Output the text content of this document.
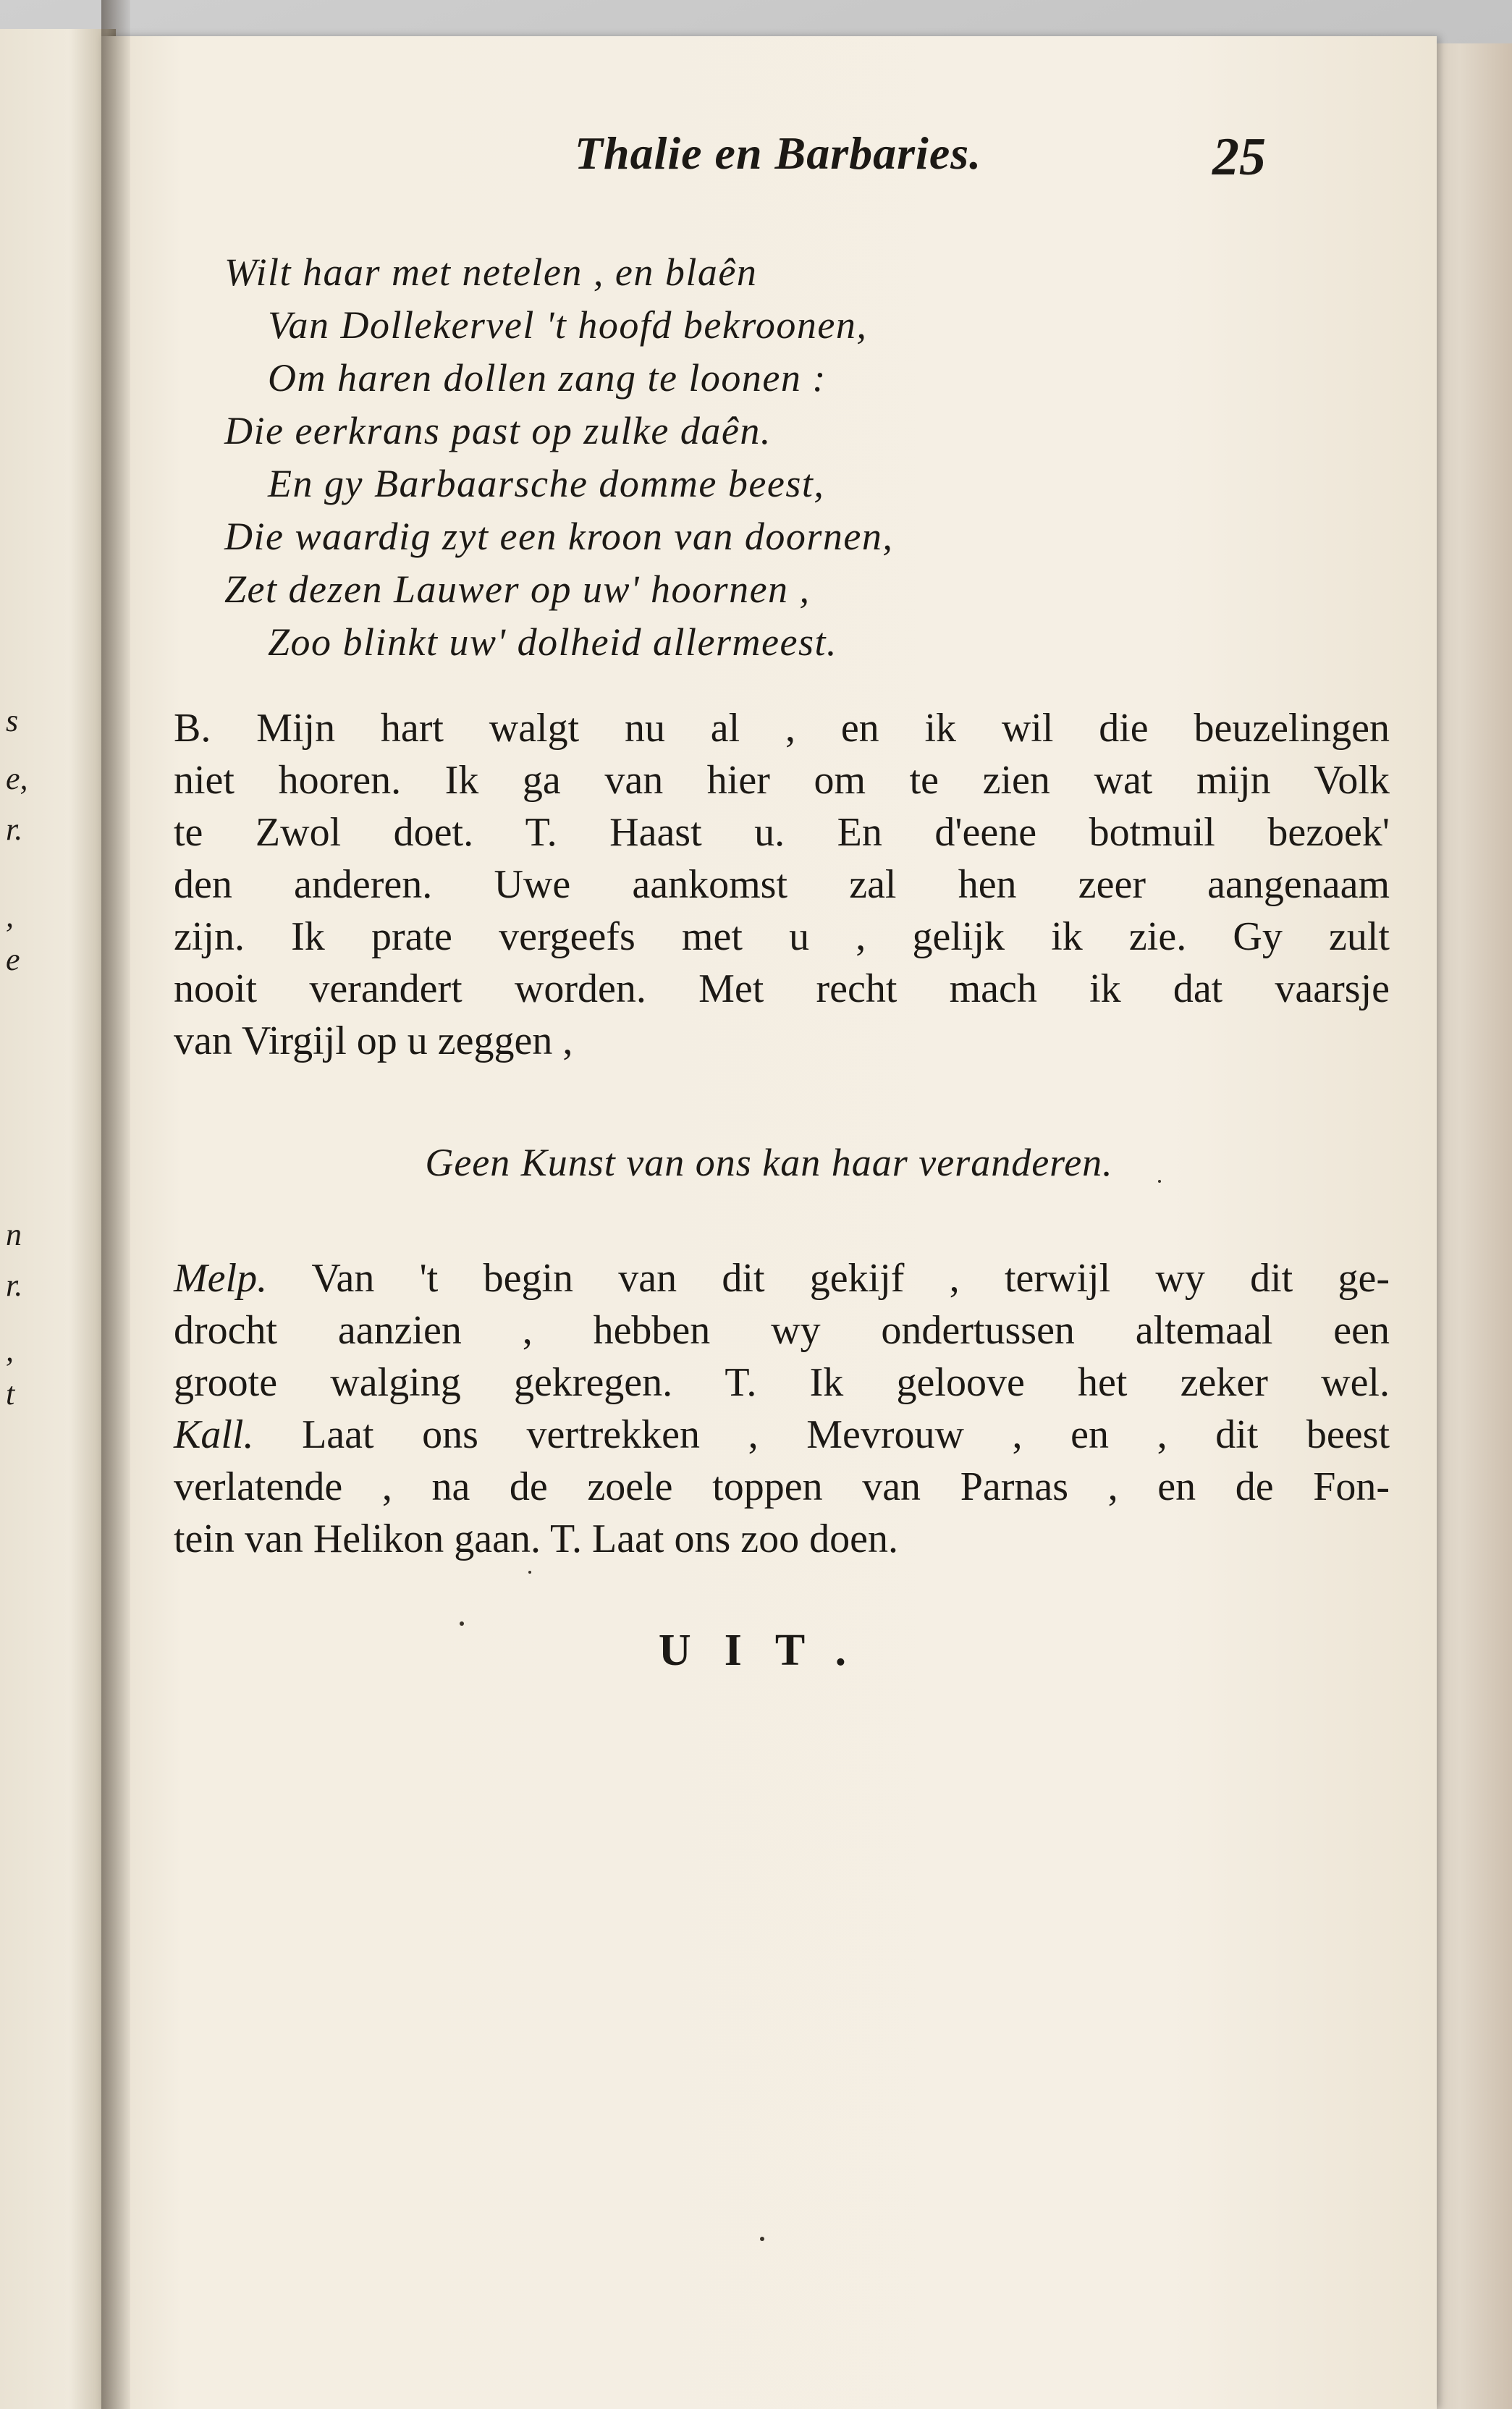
s
e,
r.
,
e
n
r.
,
t
Thalie en Barbaries.	25
Wilt haar met netelen , en blaên
Van Dollekervel 't hoofd bekroonen,
Om haren dollen zang te loonen :
Die eerkrans past op zulke daên.
En gy Barbaarsche domme beest,
Die waardig zyt een kroon van doornen,
Zet dezen Lauwer op uw' hoornen ,
Zoo blinkt uw' dolheid allermeest.
B. Mijn hart walgt nu al , en ik wil die beuzelingen
niet hooren. Ik ga van hier om te zien wat mijn Volk
te Zwol doet. T. Haast u. En d'eene botmuil bezoek'
den anderen. Uwe aankomst zal hen zeer aangenaam
zijn. Ik prate vergeefs met u , gelijk ik zie. Gy zult
nooit verandert worden. Met recht mach ik dat vaarsje
van Virgijl op u zeggen ,
Geen Kunst van ons kan haar veranderen.
Melp. Van 't begin van dit gekijf , terwijl wy dit ge-
drocht aanzien , hebben wy ondertussen altemaal een
groote walging gekregen. T. Ik geloove het zeker wel.
Kall. Laat ons vertrekken , Mevrouw , en , dit beest
verlatende , na de zoele toppen van Parnas , en de Fon-
tein van Helikon gaan. T. Laat ons zoo doen.
UIT.
